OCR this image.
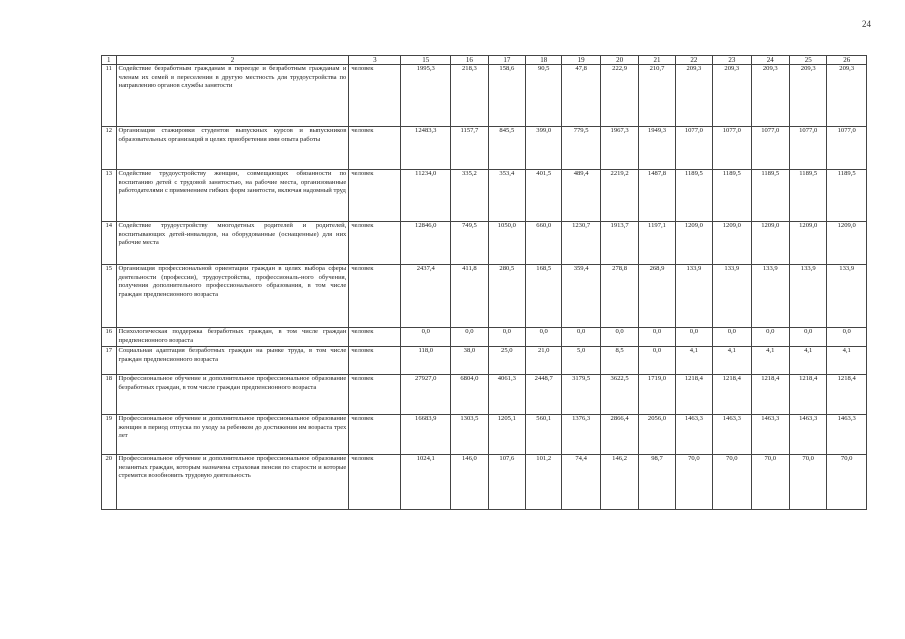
24
1	2	3	15	16	17	18	19	20	21	22	23	24	25	26
11	Содействие безработным гражданам в переезде и безработным гражданам и членам их семей в переселении в другую местность для трудоустройства по направлению органов службы занятости	человек	1995,3	218,3	158,6	90,5	47,8	222,9	210,7	209,3	209,3	209,3	209,3	209,3
12	Организация стажировки студентов выпускных курсов и выпускников образовательных организаций в целях приобретения ими опыта работы	человек	12483,3	1157,7	845,5	399,0	779,5	1967,3	1949,3	1077,0	1077,0	1077,0	1077,0	1077,0
13	Содействие трудоустройству женщин, совмещающих обязанности по воспитанию детей с трудовой занятостью, на рабочие места, организованные работодателями с применением гибких форм занятости, включая надомный труд	человек	11234,0	335,2	353,4	401,5	489,4	2219,2	1487,8	1189,5	1189,5	1189,5	1189,5	1189,5
14	Содействие трудоустройству многодетных родителей и родителей, воспитывающих детей-инвалидов, на оборудованные (оснащенные) для них рабочие места	человек	12846,0	749,5	1050,0	660,0	1230,7	1913,7	1197,1	1209,0	1209,0	1209,0	1209,0	1209,0
15	Организация профессиональной ориентации граждан в целях выбора сферы деятельности (профессии), трудоустройства, профессиональ-ного обучения, получения дополнительного профессионального образования, в том числе граждан предпенсионного возраста	человек	2437,4	411,8	280,5	168,5	359,4	278,8	268,9	133,9	133,9	133,9	133,9	133,9
16	Психологическая поддержка безработных граждан, в том числе граждан предпенсионного возраста	человек	0,0	0,0	0,0	0,0	0,0	0,0	0,0	0,0	0,0	0,0	0,0	0,0
17	Социальная адаптация безработных граждан на рынке труда, в том числе граждан предпенсионного возраста	человек	118,0	38,0	25,0	21,0	5,0	8,5	0,0	4,1	4,1	4,1	4,1	4,1
18	Профессиональное обучение и дополнительное профессиональное образование безработных граждан, в том числе граждан предпенсионного возраста	человек	27927,0	6804,0	4061,3	2448,7	3179,5	3622,5	1719,0	1218,4	1218,4	1218,4	1218,4	1218,4
19	Профессиональное обучение и дополнительное профессиональное образование женщин в период отпуска по уходу за ребенком до достижения им возраста трех лет	человек	16683,9	1303,5	1205,1	560,1	1376,3	2866,4	2056,0	1463,3	1463,3	1463,3	1463,3	1463,3
20	Профессиональное обучение и дополнительное профессиональное образование незанятых граждан, которым назначена страховая пенсия по старости и которые стремятся возобновить трудовую деятельность	человек	1024,1	146,0	107,6	101,2	74,4	146,2	98,7	70,0	70,0	70,0	70,0	70,0
